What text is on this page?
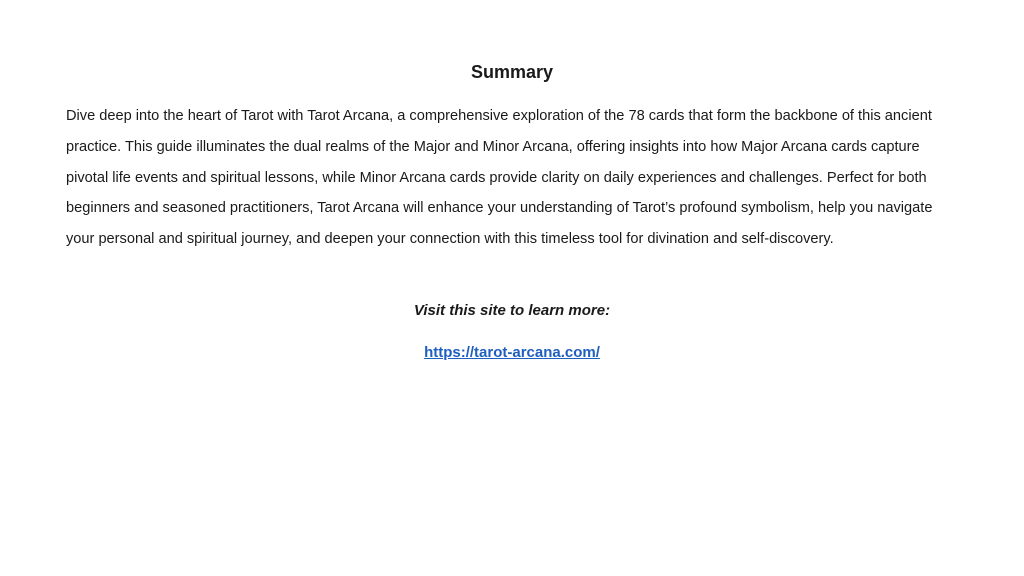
Summary
Dive deep into the heart of Tarot with Tarot Arcana, a comprehensive exploration of the 78 cards that form the backbone of this ancient practice. This guide illuminates the dual realms of the Major and Minor Arcana, offering insights into how Major Arcana cards capture pivotal life events and spiritual lessons, while Minor Arcana cards provide clarity on daily experiences and challenges. Perfect for both beginners and seasoned practitioners, Tarot Arcana will enhance your understanding of Tarot’s profound symbolism, help you navigate your personal and spiritual journey, and deepen your connection with this timeless tool for divination and self-discovery.
Visit this site to learn more:
https://tarot-arcana.com/
